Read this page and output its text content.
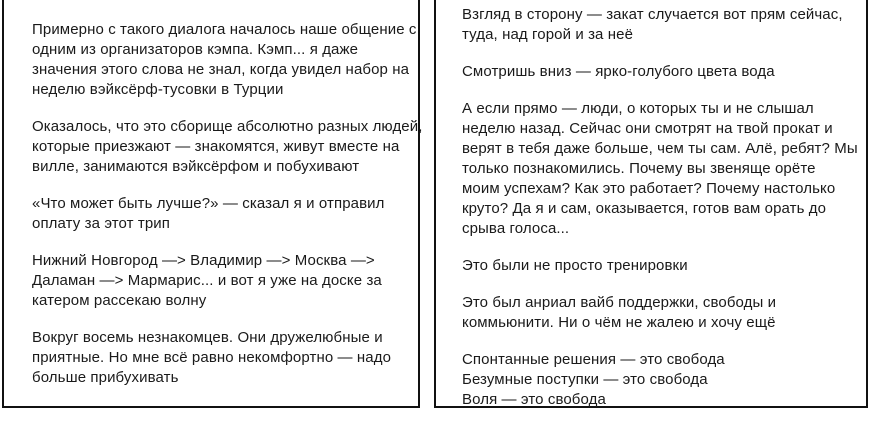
Примерно с такого диалога началось наше общение с
одним из организаторов кэмпа. Кэмп... я даже
значения этого слова не знал, когда увидел набор на
неделю вэйксёрф-тусовки в Турции

Оказалось, что это сборище абсолютно разных людей,
которые приезжают — знакомятся, живут вместе на
вилле, занимаются вэйксёрфом и побухивают

«Что может быть лучше?» — сказал я и отправил
оплату за этот трип

Нижний Новгород —> Владимир —> Москва —>
Даламан —> Мармарис... и вот я уже на доске за
катером рассекаю волну

Вокруг восемь незнакомцев. Они дружелюбные и
приятные. Но мне всё равно некомфортно — надо
больше прибухивать

Взгляд в сторону — закат случается вот прям сейчас,
туда, над горой и за неё

Смотришь вниз — ярко-голубого цвета вода

А если прямо — люди, о которых ты и не слышал
неделю назад. Сейчас они смотрят на твой прокат и
верят в тебя даже больше, чем ты сам. Алё, ребят? Мы
только познакомились. Почему вы звеняще орёте
моим успехам? Как это работает? Почему настолько
круто? Да я и сам, оказывается, готов вам орать до
срыва голоса...

Это были не просто тренировки

Это был анриал вайб поддержки, свободы и
коммьюнити. Ни о чём не жалею и хочу ещё

Спонтанные решения — это свобода
Безумные поступки — это свобода
Воля — это свобода
